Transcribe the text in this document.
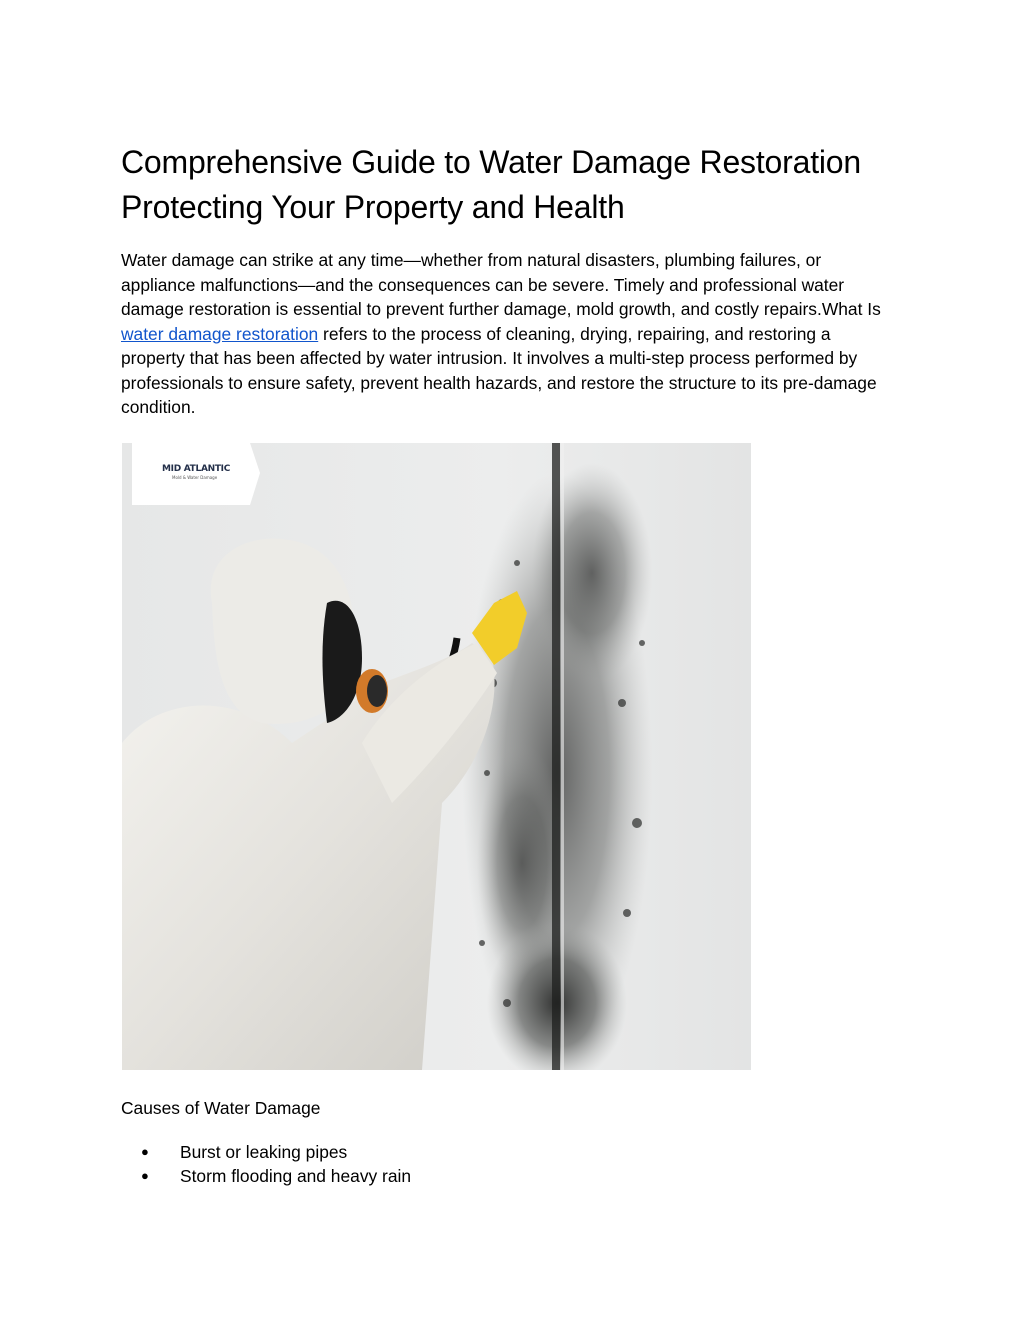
Comprehensive Guide to Water Damage Restoration Protecting Your Property and Health

Water damage can strike at any time—whether from natural disasters, plumbing failures, or appliance malfunctions—and the consequences can be severe. Timely and professional water damage restoration is essential to prevent further damage, mold growth, and costly repairs.What Is water damage restoration refers to the process of cleaning, drying, repairing, and restoring a property that has been affected by water intrusion. It involves a multi-step process performed by professionals to ensure safety, prevent health hazards, and restore the structure to its pre-damage condition.

MID ATLANTIC
Mold & Water Damage

Causes of Water Damage

● Burst or leaking pipes
● Storm flooding and heavy rain
